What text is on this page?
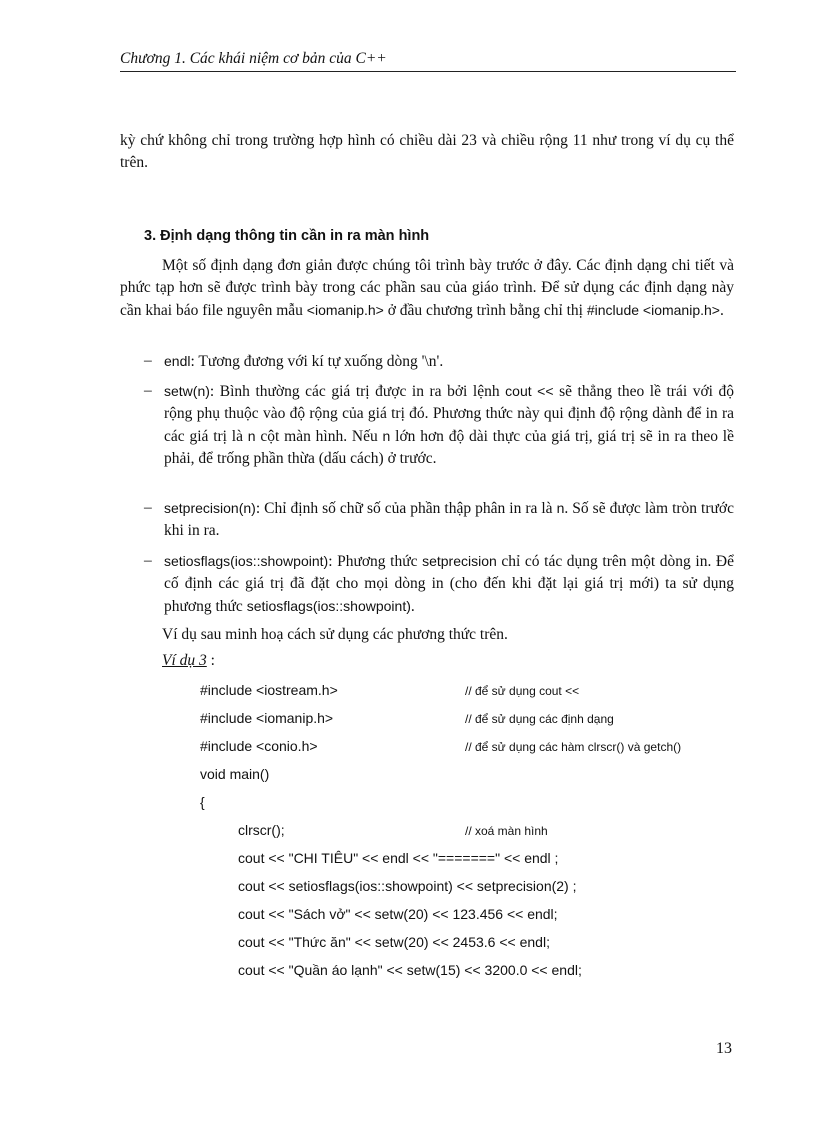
Chương 1. Các khái niệm cơ bản của C++
kỳ chứ không chỉ trong trường hợp hình có chiều dài 23 và chiều rộng 11 như trong ví dụ cụ thể trên.
3. Định dạng thông tin cần in ra màn hình
Một số định dạng đơn giản được chúng tôi trình bày trước ở đây. Các định dạng chi tiết và phức tạp hơn sẽ được trình bày trong các phần sau của giáo trình. Để sử dụng các định dạng này cần khai báo file nguyên mẫu <iomanip.h> ở đầu chương trình bằng chỉ thị #include <iomanip.h>.
– endl: Tương đương với kí tự xuống dòng '\n'.
– setw(n): Bình thường các giá trị được in ra bởi lệnh cout << sẽ thẳng theo lề trái với độ rộng phụ thuộc vào độ rộng của giá trị đó. Phương thức này qui định độ rộng dành để in ra các giá trị là n cột màn hình. Nếu n lớn hơn độ dài thực của giá trị, giá trị sẽ in ra theo lề phải, để trống phần thừa (dấu cách) ở trước.
– setprecision(n): Chỉ định số chữ số của phần thập phân in ra là n. Số sẽ được làm tròn trước khi in ra.
– setiosflags(ios::showpoint): Phương thức setprecision chỉ có tác dụng trên một dòng in. Để cố định các giá trị đã đặt cho mọi dòng in (cho đến khi đặt lại giá trị mới) ta sử dụng phương thức setiosflags(ios::showpoint).
Ví dụ sau minh hoạ cách sử dụng các phương thức trên.
Ví dụ 3 :
#include <iostream.h>	// để sử dụng cout <<
#include <iomanip.h>	// để sử dụng các định dạng
#include <conio.h>	// để sử dụng các hàm clrscr() và getch()
void main()
{
clrscr();	// xoá màn hình
cout << "CHI TIÊU" << endl << "=======" << endl ;
cout << setiosflags(ios::showpoint) << setprecision(2) ;
cout << "Sách vở" << setw(20) << 123.456 << endl;
cout << "Thức ăn" << setw(20) << 2453.6 << endl;
cout << "Quần áo lạnh" << setw(15) << 3200.0 << endl;
13
